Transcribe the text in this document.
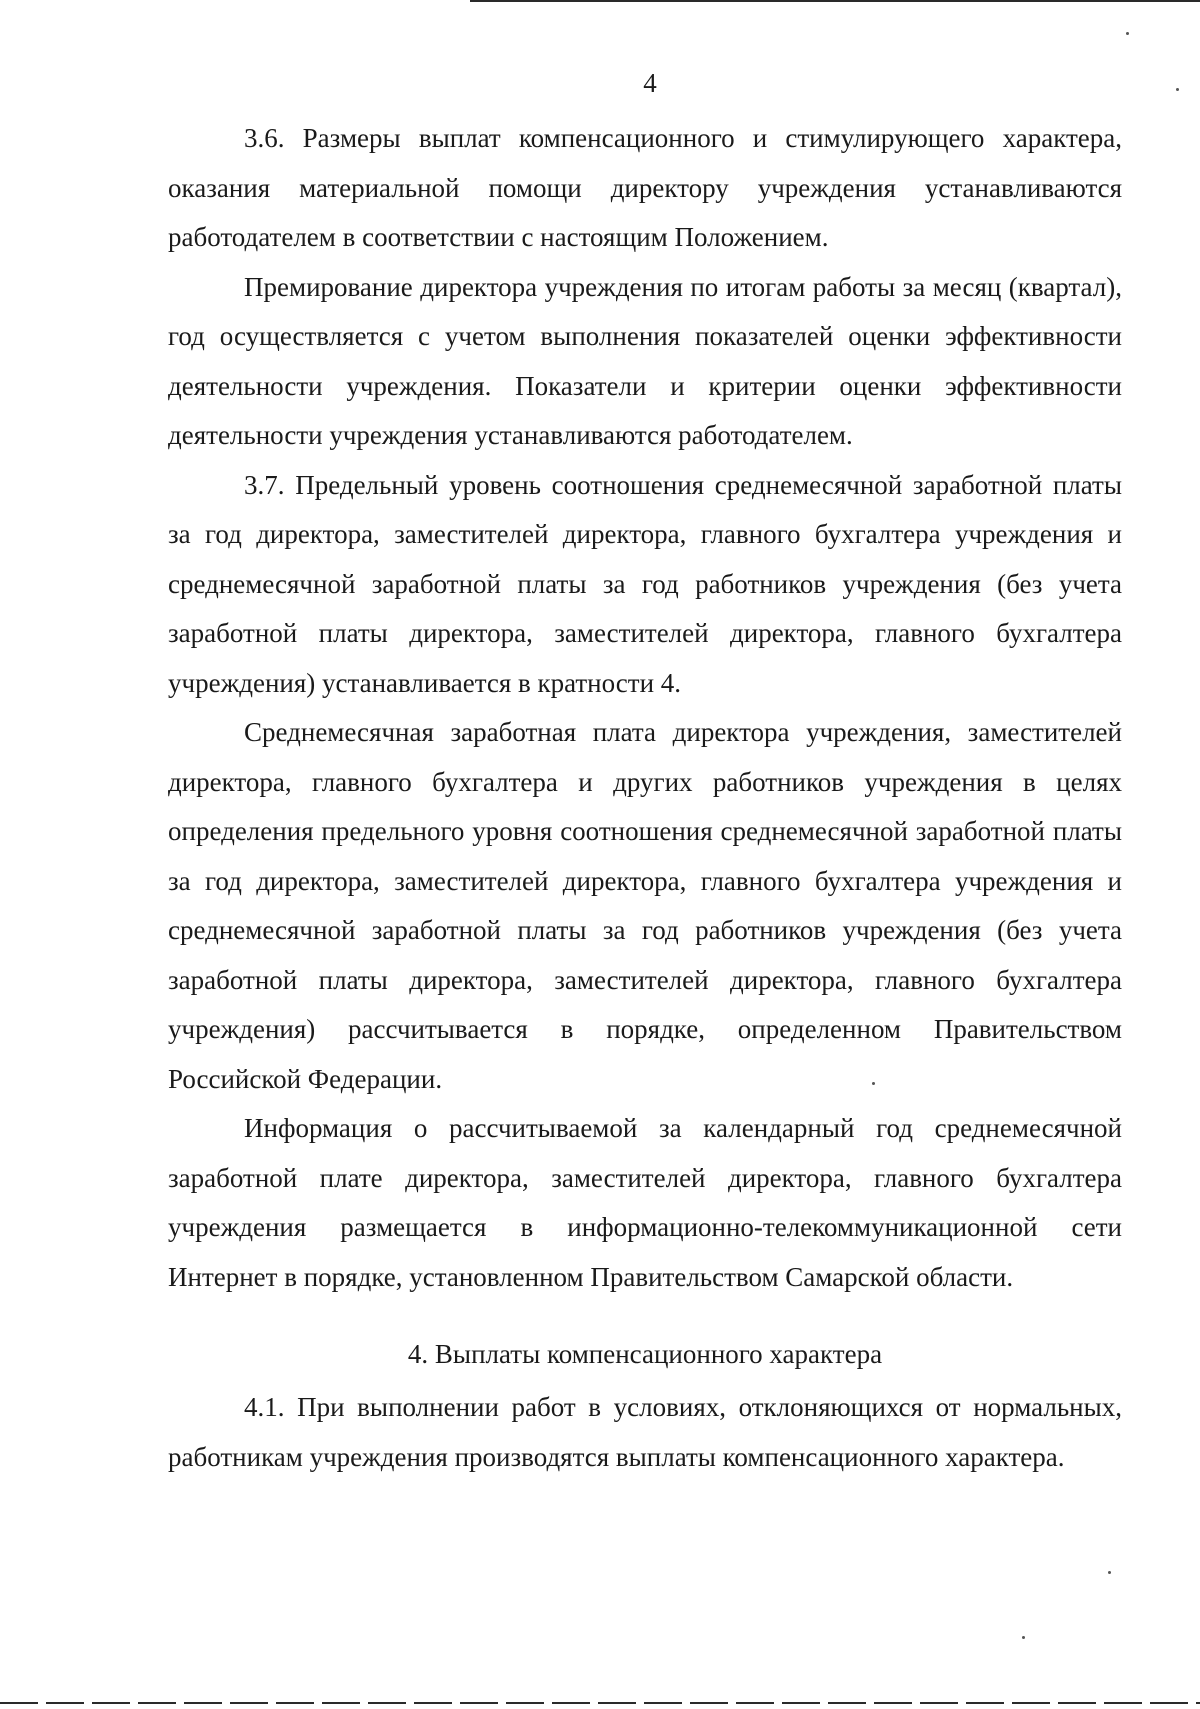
4

3.6. Размеры выплат компенсационного и стимулирующего характера, оказания материальной помощи директору учреждения устанавливаются работодателем в соответствии с настоящим Положением.

Премирование директора учреждения по итогам работы за месяц (квартал), год осуществляется с учетом выполнения показателей оценки эффективности деятельности учреждения. Показатели и критерии оценки эффективности деятельности учреждения устанавливаются работодателем.

3.7. Предельный уровень соотношения среднемесячной заработной платы за год директора, заместителей директора, главного бухгалтера учреждения и среднемесячной заработной платы за год работников учреждения (без учета заработной платы директора, заместителей директора, главного бухгалтера учреждения) устанавливается в кратности 4.

Среднемесячная заработная плата директора учреждения, заместителей директора, главного бухгалтера и других работников учреждения в целях определения предельного уровня соотношения среднемесячной заработной платы за год директора, заместителей директора, главного бухгалтера учреждения и среднемесячной заработной платы за год работников учреждения (без учета заработной платы директора, заместителей директора, главного бухгалтера учреждения) рассчитывается в порядке, определенном Правительством Российской Федерации.

Информация о рассчитываемой за календарный год среднемесячной заработной плате директора, заместителей директора, главного бухгалтера учреждения размещается в информационно-телекоммуникационной сети Интернет в порядке, установленном Правительством Самарской области.

4. Выплаты компенсационного характера

4.1. При выполнении работ в условиях, отклоняющихся от нормальных, работникам учреждения производятся выплаты компенсационного характера.
